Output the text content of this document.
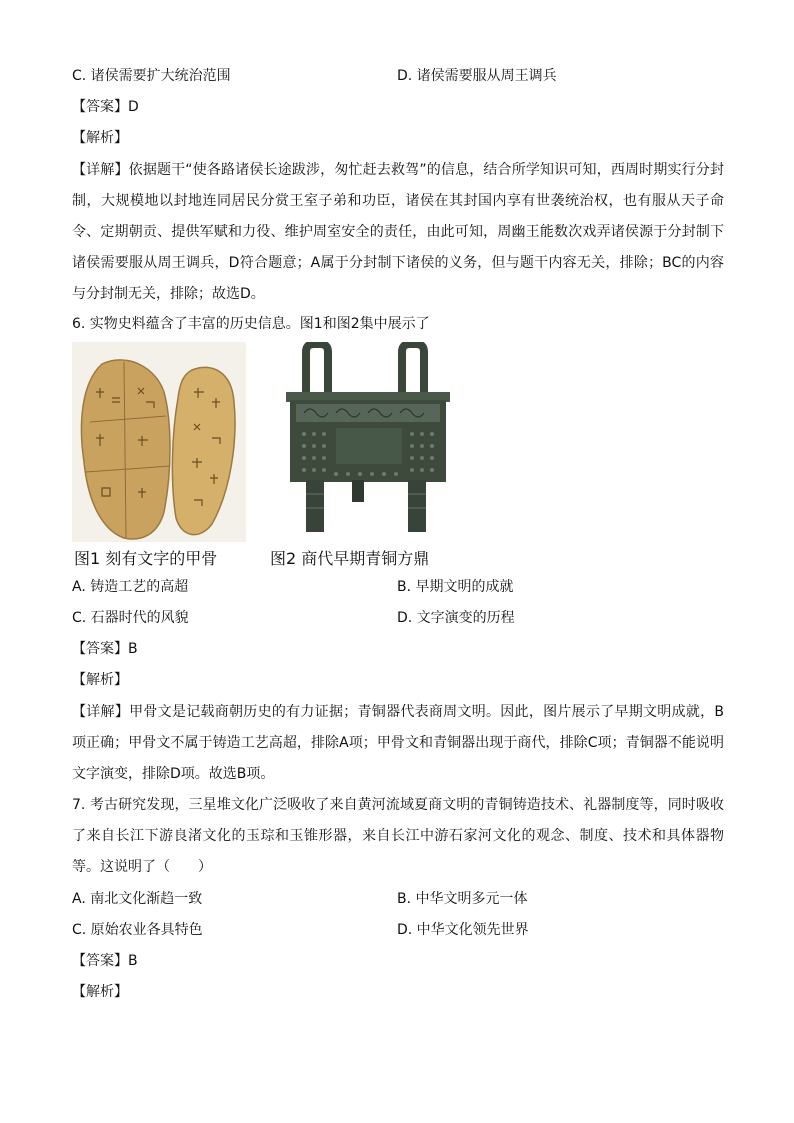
C. 诸侯需要扩大统治范围	D. 诸侯需要服从周王调兵
【答案】D
【解析】
【详解】依据题干“使各路诸侯长途跋涉，匆忙赶去救驾”的信息，结合所学知识可知，西周时期实行分封制，大规模地以封地连同居民分赏王室子弟和功臣，诸侯在其封国内享有世袭统治权，也有服从天子命令、定期朝贡、提供军赋和力役、维护周室安全的责任，由此可知，周幽王能数次戏弄诸侯源于分封制下诸侯需要服从周王调兵，D符合题意；A属于分封制下诸侯的义务，但与题干内容无关，排除；BC的内容与分封制无关，排除；故选D。
6. 实物史料蕴含了丰富的历史信息。图1和图2集中展示了
图1 刻有文字的甲骨	图2 商代早期青铜方鼎
A. 铸造工艺的高超	B. 早期文明的成就
C. 石器时代的风貌	D. 文字演变的历程
【答案】B
【解析】
【详解】甲骨文是记载商朝历史的有力证据；青铜器代表商周文明。因此，图片展示了早期文明成就，B项正确；甲骨文不属于铸造工艺高超，排除A项；甲骨文和青铜器出现于商代，排除C项；青铜器不能说明文字演变，排除D项。故选B项。
7. 考古研究发现，三星堆文化广泛吸收了来自黄河流域夏商文明的青铜铸造技术、礼器制度等，同时吸收了来自长江下游良渚文化的玉琮和玉锥形器，来自长江中游石家河文化的观念、制度、技术和具体器物等。这说明了（　　）
A. 南北文化渐趋一致	B. 中华文明多元一体
C. 原始农业各具特色	D. 中华文化领先世界
【答案】B
【解析】
